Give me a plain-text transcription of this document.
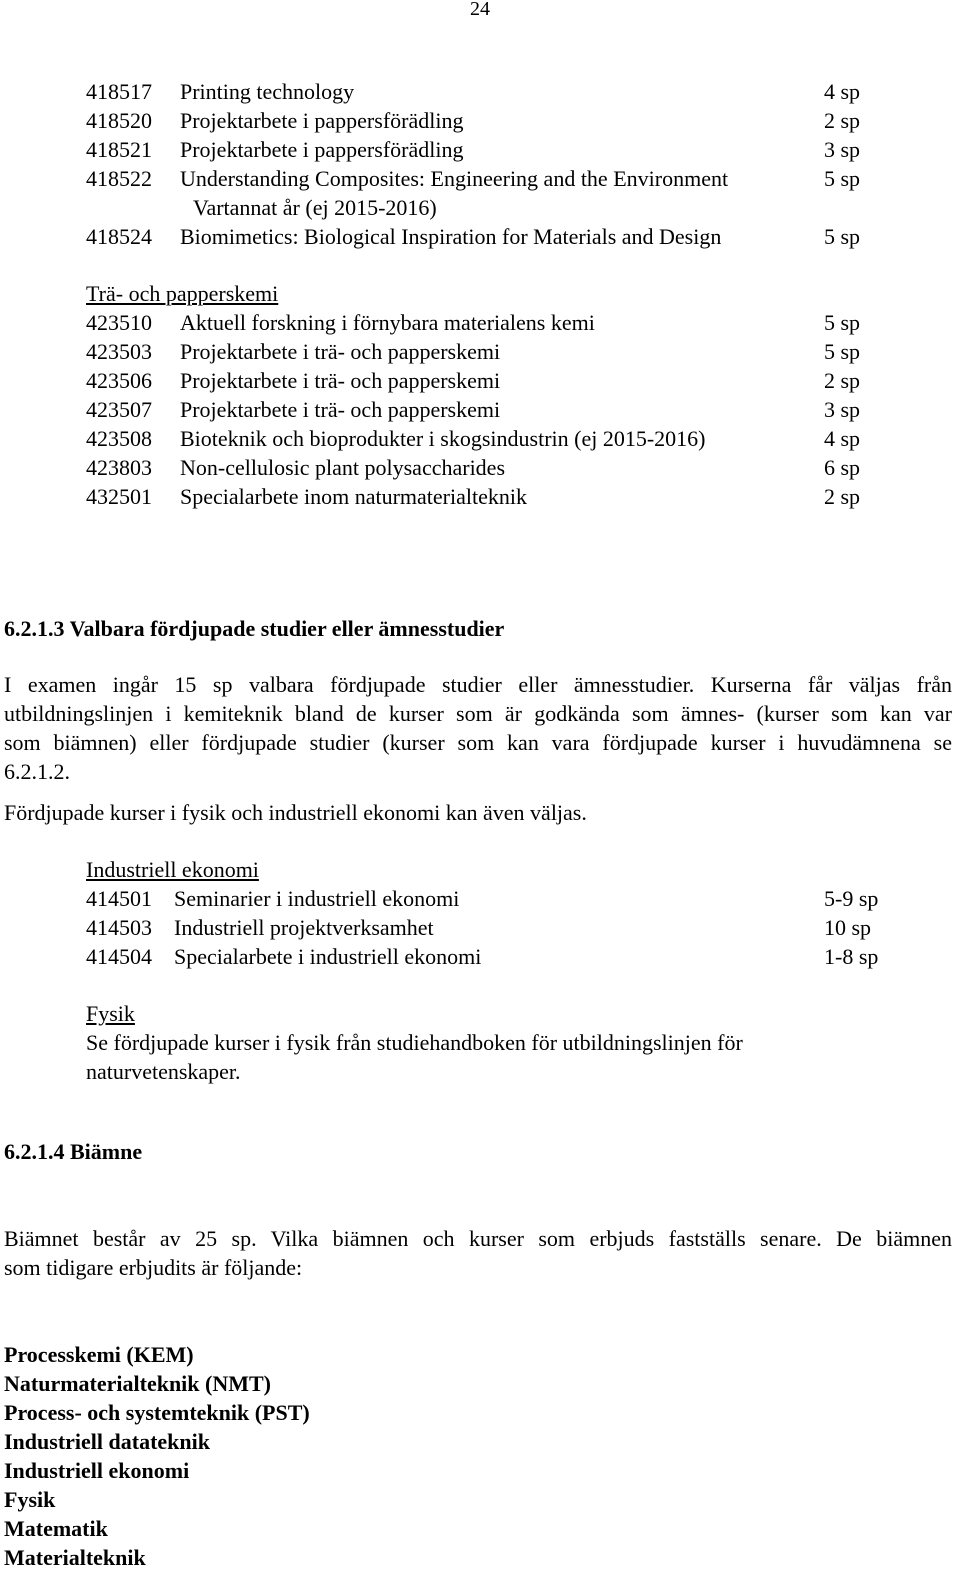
24
418517 Printing technology	4 sp
418520 Projektarbete i pappersförädling	2 sp
418521 Projektarbete i pappersförädling	3 sp
418522 Understanding Composites: Engineering and the Environment	5 sp
Vartannat år (ej 2015-2016)
418524 Biomimetics: Biological Inspiration for Materials and Design	5 sp
Trä- och papperskemi
423510 Aktuell forskning i förnybara materialens kemi	5 sp
423503 Projektarbete i trä- och papperskemi	5 sp
423506 Projektarbete i trä- och papperskemi	2 sp
423507 Projektarbete i trä- och papperskemi	3 sp
423508 Bioteknik och bioprodukter i skogsindustrin (ej 2015-2016)	4 sp
423803 Non-cellulosic plant polysaccharides	6 sp
432501 Specialarbete inom naturmaterialteknik	2 sp
6.2.1.3 Valbara fördjupade studier eller ämnesstudier
I examen ingår 15 sp valbara fördjupade studier eller ämnesstudier. Kurserna får väljas från
utbildningslinjen i kemiteknik bland de kurser som är godkända som ämnes- (kurser som kan var
som biämnen) eller fördjupade studier (kurser som kan vara fördjupade kurser i huvudämnena se
6.2.1.2.
Fördjupade kurser i fysik och industriell ekonomi kan även väljas.
Industriell ekonomi
414501 Seminarier i industriell ekonomi	5-9 sp
414503 Industriell projektverksamhet	10 sp
414504 Specialarbete i industriell ekonomi	1-8 sp
Fysik
Se fördjupade kurser i fysik från studiehandboken för utbildningslinjen för
naturvetenskaper.
6.2.1.4 Biämne
Biämnet består av 25 sp. Vilka biämnen och kurser som erbjuds fastställs senare. De biämnen
som tidigare erbjudits är följande:
Processkemi (KEM)
Naturmaterialteknik (NMT)
Process- och systemteknik (PST)
Industriell datateknik
Industriell ekonomi
Fysik
Matematik
Materialteknik
